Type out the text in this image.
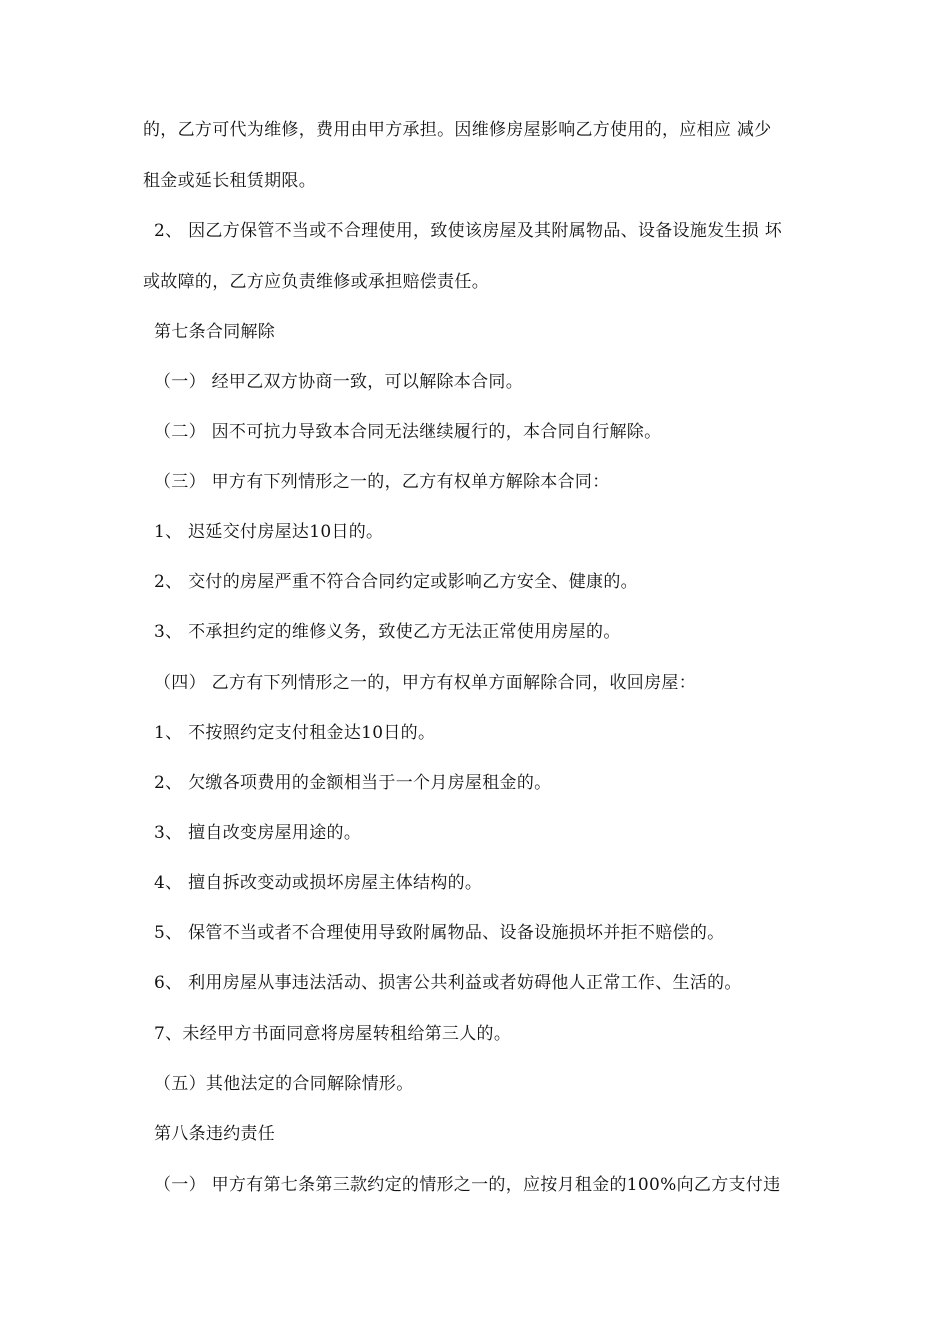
的，乙方可代为维修，费用由甲方承担。因维修房屋影响乙方使用的，应相应 减少
租金或延长租赁期限。
2、 因乙方保管不当或不合理使用，致使该房屋及其附属物品、设备设施发生损 坏
或故障的，乙方应负责维修或承担赔偿责任。
第七条合同解除
（一） 经甲乙双方协商一致，可以解除本合同。
（二） 因不可抗力导致本合同无法继续履行的，本合同自行解除。
（三） 甲方有下列情形之一的，乙方有权单方解除本合同：
1、 迟延交付房屋达10日的。
2、 交付的房屋严重不符合合同约定或影响乙方安全、健康的。
3、 不承担约定的维修义务，致使乙方无法正常使用房屋的。
（四） 乙方有下列情形之一的，甲方有权单方面解除合同，收回房屋：
1、 不按照约定支付租金达10日的。
2、 欠缴各项费用的金额相当于一个月房屋租金的。
3、 擅自改变房屋用途的。
4、 擅自拆改变动或损坏房屋主体结构的。
5、 保管不当或者不合理使用导致附属物品、设备设施损坏并拒不赔偿的。
6、 利用房屋从事违法活动、损害公共利益或者妨碍他人正常工作、生活的。
7、未经甲方书面同意将房屋转租给第三人的。
（五）其他法定的合同解除情形。
第八条违约责任
（一） 甲方有第七条第三款约定的情形之一的，应按月租金的100%向乙方支付违
